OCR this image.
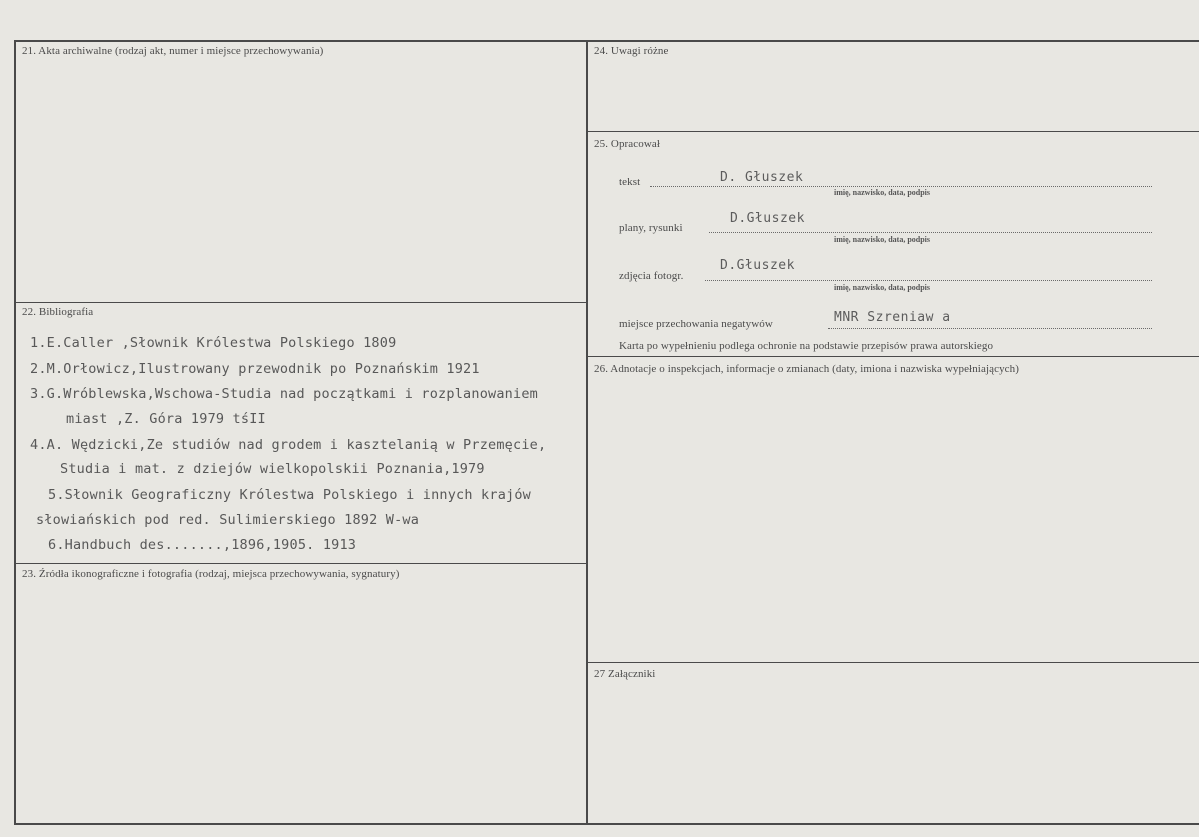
21. Akta archiwalne (rodzaj akt, numer i miejsce przechowywania)
22. Bibliografia
23. Źródła ikonograficzne i fotografia (rodzaj, miejsca przechowywania, sygnatury)
24. Uwagi różne
25. Opracował
26. Adnotacje o inspekcjach, informacje o zmianach (daty, imiona i nazwiska wypełniających)
27 Załączniki
1.E.Caller ,Słownik Królestwa Polskiego 1809
2.M.Orłowicz,Ilustrowany przewodnik po Poznańskim 1921
3.G.Wróblewska,Wschowa-Studia nad początkami i rozplanowaniem
miast ,Z. Góra 1979 tśII
4.A. Wędzicki,Ze studiów nad grodem i kasztelanią w Przemęcie,
Studia i mat. z dziejów wielkopolskii Poznania,1979
5.Słownik Geograficzny Królestwa Polskiego i innych krajów
słowiańskich pod red. Sulimierskiego 1892 W-wa
6.Handbuch des.......,1896,1905. 1913
tekst	D. Głuszek
imię, nazwisko, data, podpis
plany, rysunki
D.Głuszek
imię, nazwisko, data, podpis
zdjęcia fotogr.
D.Głuszek
imię, nazwisko, data, podpis
miejsce przechowania negatywów	MNR Szreniaw a
Karta po wypełnieniu podlega ochronie na podstawie przepisów prawa autorskiego
